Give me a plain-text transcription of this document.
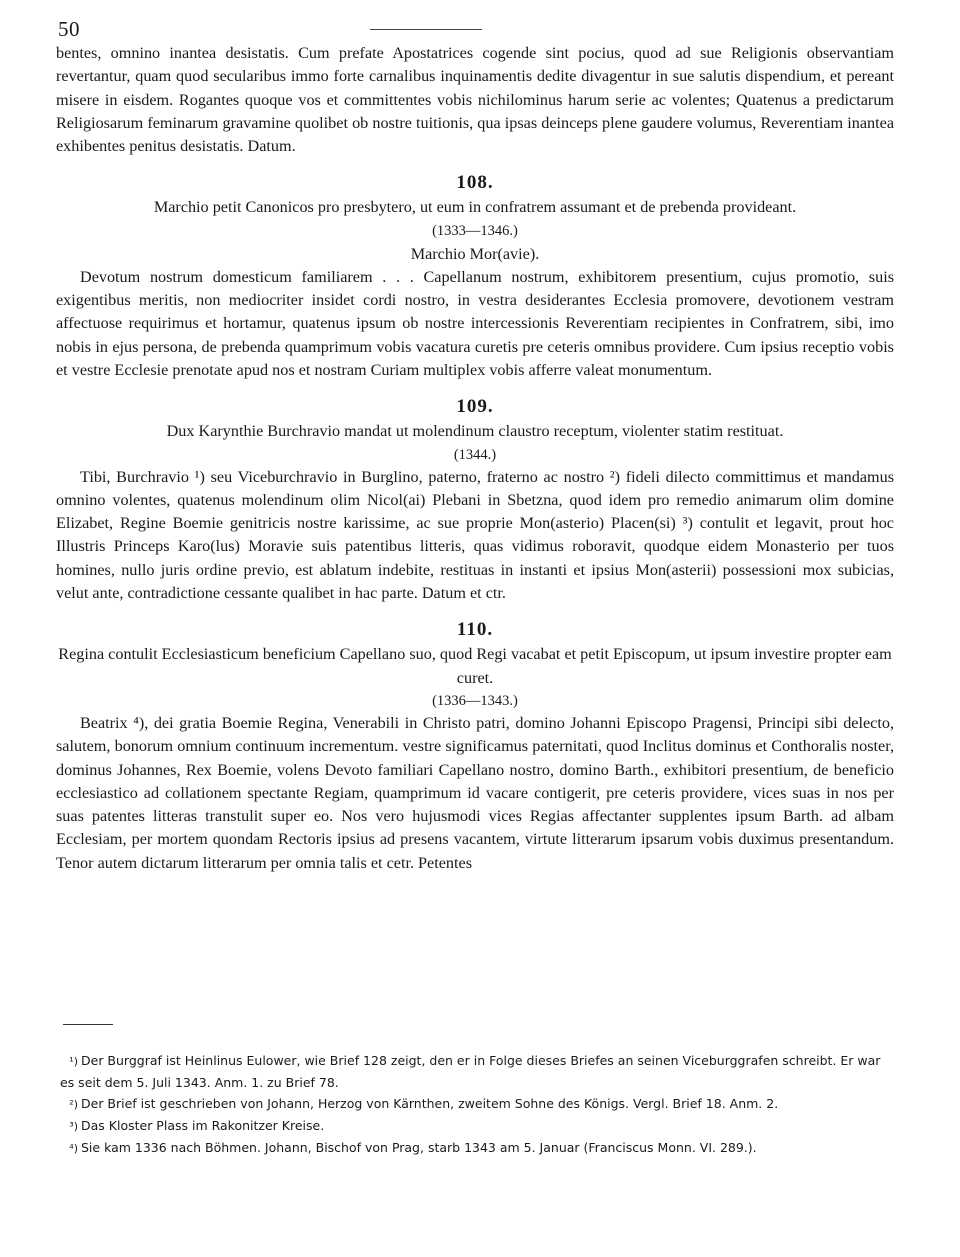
50

bentes, omnino inantea desistatis. Cum prefate Apostatrices cogende sint pocius, quod ad sue Religionis observantiam revertantur, quam quod secularibus immo forte carnalibus inquinamentis dedite divagentur in sue salutis dispendium, et pereant misere in eisdem. Rogantes quoque vos et committentes vobis nichilominus harum serie ac volentes; Quatenus a predictarum Religiosarum feminarum gravamine quolibet ob nostre tuitionis, qua ipsas deinceps plene gaudere volumus, Reverentiam inantea exhibentes penitus desistatis. Datum.

108.
Marchio petit Canonicos pro presbytero, ut eum in confratrem assumant et de prebenda provideant.
(1333—1346.)
Marchio Mor(avie).

Devotum nostrum domesticum familiarem . . . Capellanum nostrum, exhibitorem presentium, cujus promotio, suis exigentibus meritis, non mediocriter insidet cordi nostro, in vestra desiderantes Ecclesia promovere, devotionem vestram affectuose requirimus et hortamur, quatenus ipsum ob nostre intercessionis Reverentiam recipientes in Confratrem, sibi, imo nobis in ejus persona, de prebenda quamprimum vobis vacatura curetis pre ceteris omnibus providere. Cum ipsius receptio vobis et vestre Ecclesie prenotate apud nos et nostram Curiam multiplex vobis afferre valeat monumentum.

109.
Dux Karynthie Burchravio mandat ut molendinum claustro receptum, violenter statim restituat.
(1344.)

Tibi, Burchravio ¹) seu Viceburchravio in Burglino, paterno, fraterno ac nostro ²) fideli dilecto committimus et mandamus omnino volentes, quatenus molendinum olim Nicol(ai) Plebani in Sbetzna, quod idem pro remedio animarum olim domine Elizabet, Regine Boemie genitricis nostre karissime, ac sue proprie Mon(asterio) Placen(si) ³) contulit et legavit, prout hoc Illustris Princeps Karo(lus) Moravie suis patentibus litteris, quas vidimus roboravit, quodque eidem Monasterio per tuos homines, nullo juris ordine previo, est ablatum indebite, restituas in instanti et ipsius Mon(asterii) possessioni mox subicias, velut ante, contradictione cessante qualibet in hac parte. Datum et ctr.

110.
Regina contulit Ecclesiasticum beneficium Capellano suo, quod Regi vacabat et petit Episcopum, ut ipsum investire propter eam curet.
(1336—1343.)

Beatrix ⁴), dei gratia Boemie Regina, Venerabili in Christo patri, domino Johanni Episcopo Pragensi, Principi sibi delecto, salutem, bonorum omnium continuum incrementum. vestre significamus paternitati, quod Inclitus dominus et Conthoralis noster, dominus Johannes, Rex Boemie, volens Devoto familiari Capellano nostro, domino Barth., exhibitori presentium, de beneficio ecclesiastico ad collationem spectante Regiam, quamprimum id vacare contigerit, pre ceteris providere, vices suas in nos per suas patentes litteras transtulit super eo. Nos vero hujusmodi vices Regias affectanter supplentes ipsum Barth. ad albam Ecclesiam, per mortem quondam Rectoris ipsius ad presens vacantem, virtute litterarum ipsarum vobis duximus presentandum. Tenor autem dictarum litterarum per omnia talis et cetr. Petentes

¹) Der Burggraf ist Heinlinus Eulower, wie Brief 128 zeigt, den er in Folge dieses Briefes an seinen Viceburggrafen schreibt. Er war es seit dem 5. Juli 1343. Anm. 1. zu Brief 78.

²) Der Brief ist geschrieben von Johann, Herzog von Kärnthen, zweitem Sohne des Königs. Vergl. Brief 18. Anm. 2.

³) Das Kloster Plass im Rakonitzer Kreise.

⁴) Sie kam 1336 nach Böhmen. Johann, Bischof von Prag, starb 1343 am 5. Januar (Franciscus Monn. VI. 289.).
